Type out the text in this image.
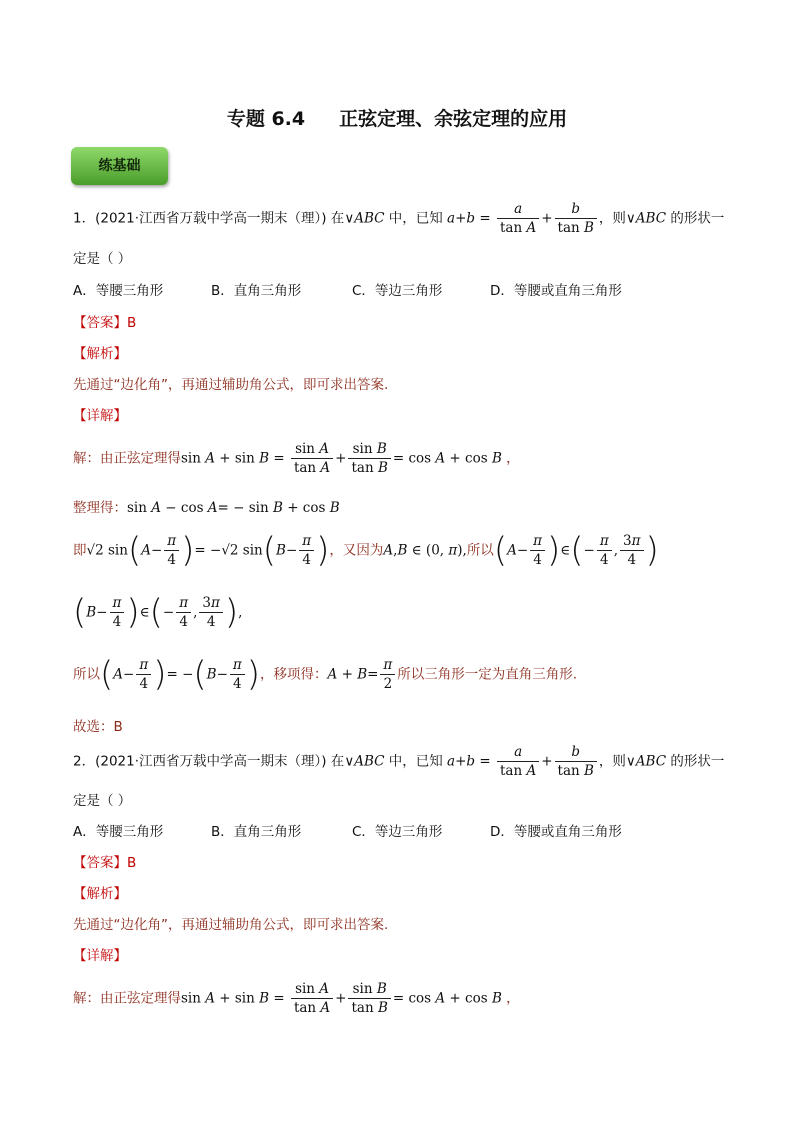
专题 6.4 正弦定理、余弦定理的应用
练基础
1．(2021·江西省万载中学高一期末（理）) 在∨ABC 中，已知 $a+b = \frac{a}{\text{tan A}} + \frac{b}{\text{tan B}}$ ，则∨ABC 的形状一
定是（ ）
A．等腰三角形	B．直角三角形	C．等边三角形	D．等腰或直角三角形
【答案】B
【解析】
先通过“边化角”，再通过辅助角公式，即可求出答案.
【详解】
解：由正弦定理得$\sin A + \sin B = \frac{\text{sin A}}{\text{tan A}} + \frac{\text{sin B}}{\text{tan B}} = \cos A + \cos B$ ，
整理得：sin A − cos A= − sin B + cos B
即√2 $\sin(A- \frac{\pi}{4}$ )= −√2 $\sin(B- \frac{\pi}{4}$ )，又因为A,B ∈ (0, π),所以($A- \frac{\pi}{4}$ )∈(− $\frac{\pi}{4}$ , $\frac{3\pi}{4}$ )
($B- \frac{\pi}{4}$ )∈(− $\frac{\pi}{4}$ , $\frac{3\pi}{4}$ ),
所以($A- \frac{\pi}{4}$ )= $-(B- \frac{\pi}{4}$ )，移项得：$A + B= \frac{\pi}{2}$ 所以三角形一定为直角三角形.
故选：B
2．(2021·江西省万载中学高一期末（理）) 在∨ABC 中，已知 $a+b = \frac{a}{\text{tan A}} + \frac{b}{\text{tan B}}$ ，则∨ABC 的形状一
定是（ ）
A．等腰三角形	B．直角三角形	C．等边三角形	D．等腰或直角三角形
【答案】B
【解析】
先通过“边化角”，再通过辅助角公式，即可求出答案.
【详解】
解：由正弦定理得$\sin A + \sin B = \frac{\text{sin A}}{\text{tan A}} + \frac{\text{sin B}}{\text{tan B}} = \cos A + \cos B$ ，
